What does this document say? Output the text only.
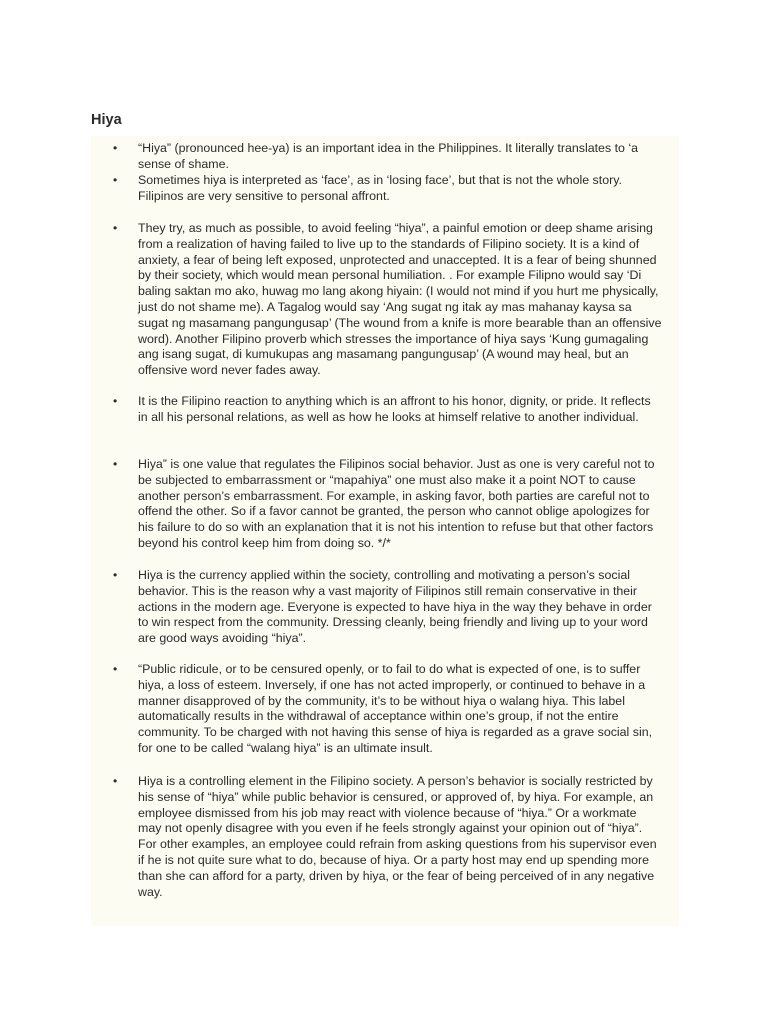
Hiya
• “Hiya” (pronounced hee-ya) is an important idea in the Philippines. It literally translates to ‘a sense of shame.
• Sometimes hiya is interpreted as ‘face’, as in ‘losing face’, but that is not the whole story. Filipinos are very sensitive to personal affront.
• They try, as much as possible, to avoid feeling “hiya”, a painful emotion or deep shame arising from a realization of having failed to live up to the standards of Filipino society. It is a kind of anxiety, a fear of being left exposed, unprotected and unaccepted. It is a fear of being shunned by their society, which would mean personal humiliation. . For example Filipno would say ‘Di baling saktan mo ako, huwag mo lang akong hiyain: (I would not mind if you hurt me physically, just do not shame me). A Tagalog would say ‘Ang sugat ng itak ay mas mahanay kaysa sa sugat ng masamang pangungusap’ (The wound from a knife is more bearable than an offensive word). Another Filipino proverb which stresses the importance of hiya says ‘Kung gumagaling ang isang sugat, di kumukupas ang masamang pangungusap’ (A wound may heal, but an offensive word never fades away.
• It is the Filipino reaction to anything which is an affront to his honor, dignity, or pride. It reflects in all his personal relations, as well as how he looks at himself relative to another individual.
• Hiya” is one value that regulates the Filipinos social behavior. Just as one is very careful not to be subjected to embarrassment or “mapahiya” one must also make it a point NOT to cause another person’s embarrassment. For example, in asking favor, both parties are careful not to offend the other. So if a favor cannot be granted, the person who cannot oblige apologizes for his failure to do so with an explanation that it is not his intention to refuse but that other factors beyond his control keep him from doing so. */*
• Hiya is the currency applied within the society, controlling and motivating a person’s social behavior. This is the reason why a vast majority of Filipinos still remain conservative in their actions in the modern age. Everyone is expected to have hiya in the way they behave in order to win respect from the community. Dressing cleanly, being friendly and living up to your word are good ways avoiding “hiya”.
• “Public ridicule, or to be censured openly, or to fail to do what is expected of one, is to suffer hiya, a loss of esteem. Inversely, if one has not acted improperly, or continued to behave in a manner disapproved of by the community, it’s to be without hiya o walang hiya. This label automatically results in the withdrawal of acceptance within one’s group, if not the entire community. To be charged with not having this sense of hiya is regarded as a grave social sin, for one to be called “walang hiya” is an ultimate insult.
• Hiya is a controlling element in the Filipino society. A person’s behavior is socially restricted by his sense of “hiya” while public behavior is censured, or approved of, by hiya. For example, an employee dismissed from his job may react with violence because of “hiya.” Or a workmate may not openly disagree with you even if he feels strongly against your opinion out of “hiya”. For other examples, an employee could refrain from asking questions from his supervisor even if he is not quite sure what to do, because of hiya. Or a party host may end up spending more than she can afford for a party, driven by hiya, or the fear of being perceived of in any negative way.
